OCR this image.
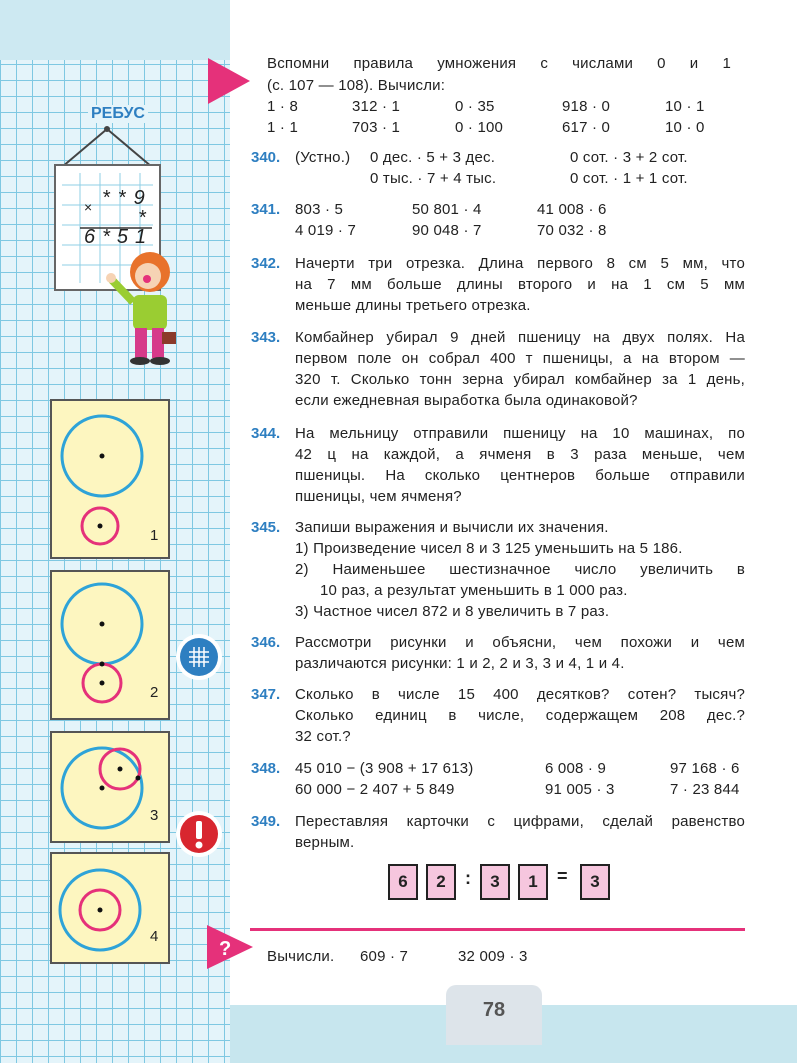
РЕБУС
× **9
*
6*51
1
2
3
4
Вспомни правила умножения с числами 0 и 1
(с. 107 — 108). Вычисли:
1 · 8	312 · 1	0 · 35	918 · 0	10 · 1
1 · 1	703 · 1	0 · 100	617 · 0	10 · 0
340. (Устно.) 0 дес. · 5 + 3 дес.	0 сот. · 3 + 2 сот.
0 тыс. · 7 + 4 тыс.	0 сот. · 1 + 1 сот.
341. 803 · 5	50 801 · 4	41 008 · 6
4 019 · 7	90 048 · 7	70 032 · 8
342. Начерти три отрезка. Длина первого 8 см 5 мм, что
на 7 мм больше длины второго и на 1 см 5 мм
меньше длины третьего отрезка.
343. Комбайнер убирал 9 дней пшеницу на двух полях. На
первом поле он собрал 400 т пшеницы, а на втором —
320 т. Сколько тонн зерна убирал комбайнер за 1 день,
если ежедневная выработка была одинаковой?
344. На мельницу отправили пшеницу на 10 машинах, по
42 ц на каждой, а ячменя в 3 раза меньше, чем
пшеницы. На сколько центнеров больше отправили
пшеницы, чем ячменя?
345. Запиши выражения и вычисли их значения.
1) Произведение чисел 8 и 3 125 уменьшить на 5 186.
2) Наименьшее шестизначное число увеличить в
10 раз, а результат уменьшить в 1 000 раз.
3) Частное чисел 872 и 8 увеличить в 7 раз.
346. Рассмотри рисунки и объясни, чем похожи и чем
различаются рисунки: 1 и 2, 2 и 3, 3 и 4, 1 и 4.
347. Сколько в числе 15 400 десятков? сотен? тысяч?
Сколько единиц в числе, содержащем 208 дес.?
32 сот.?
348. 45 010 − (3 908 + 17 613)	6 008 · 9	97 168 · 6
60 000 − 2 407 + 5 849	91 005 · 3	7 · 23 844
349. Переставляя карточки с цифрами, сделай равенство
верным.
6	2	:	3	1	=	3
? Вычисли. 609 · 7	32 009 · 3
78
